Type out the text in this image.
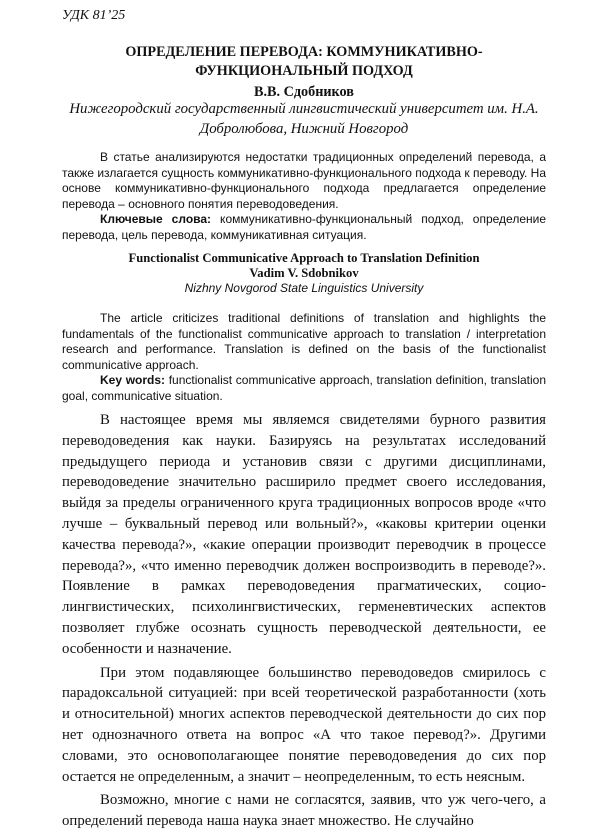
УДК 81’25
ОПРЕДЕЛЕНИЕ ПЕРЕВОДА: КОММУНИКАТИВНО-ФУНКЦИОНАЛЬНЫЙ ПОДХОД
В.В. Сдобников
Нижегородский государственный лингвистический университет им. Н.А. Добролюбова, Нижний Новгород

В статье анализируются недостатки традиционных определений перевода, а также излагается сущность коммуникативно-функционального подхода к переводу. На основе коммуникативно-функционального подхода предлагается определение перевода – основного понятия переводоведения.

Ключевые слова: коммуникативно-функциональный подход, определение перевода, цель перевода, коммуникативная ситуация.

Functionalist Communicative Approach to Translation Definition
Vadim V. Sdobnikov
Nizhny Novgorod State Linguistics University

The article criticizes traditional definitions of translation and highlights the fundamentals of the functionalist communicative approach to translation / interpretation research and performance. Translation is defined on the basis of the functionalist communicative approach.

Key words: functionalist communicative approach, translation definition, translation goal, communicative situation.

В настоящее время мы являемся свидетелями бурного развития переводоведения как науки. Базируясь на результатах исследований предыдущего периода и установив связи с другими дисциплинами, переводоведение значительно расширило предмет своего исследования, выйдя за пределы ограниченного круга традиционных вопросов вроде «что лучше – буквальный перевод или вольный?», «каковы критерии оценки качества перевода?», «какие операции производит переводчик в процессе перевода?», «что именно переводчик должен воспроизводить в переводе?». Появление в рамках переводоведения прагматических, социо-лингвистических, психолингвистических, герменевтических аспектов позволяет глубже осознать сущность переводческой деятельности, ее особенности и назначение.

При этом подавляющее большинство переводоведов смирилось с парадоксальной ситуацией: при всей теоретической разработанности (хоть и относительной) многих аспектов переводческой деятельности до сих пор нет однозначного ответа на вопрос «А что такое перевод?». Другими словами, это основополагающее понятие переводоведения до сих пор остается не определенным, а значит – неопределенным, то есть неясным.

Возможно, многие с нами не согласятся, заявив, что уж чего-чего, а определений перевода наша наука знает множество. Не случайно
